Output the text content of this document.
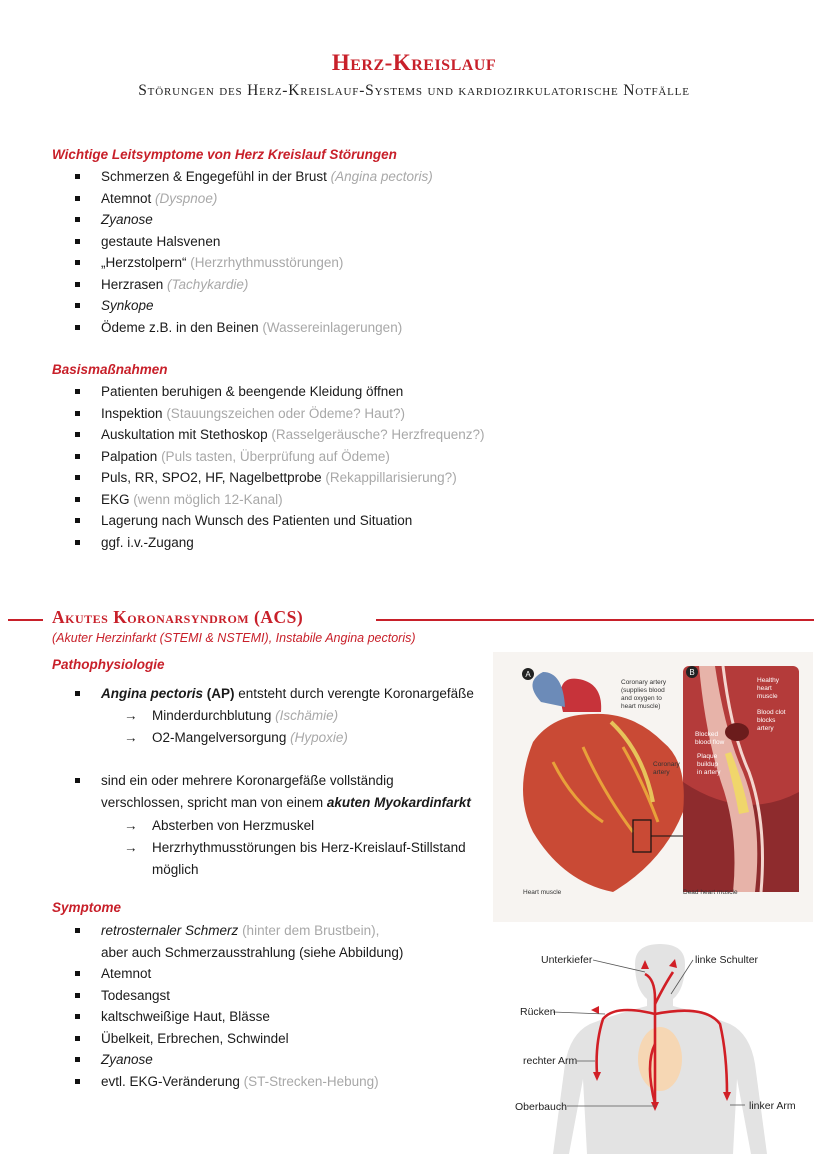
Herz-Kreislauf
Störungen des Herz-Kreislauf-Systems und kardiozirkulatorische Notfälle
Wichtige Leitsymptome von Herz Kreislauf Störungen
Schmerzen & Engegefühl in der Brust (Angina pectoris)
Atemnot (Dyspnoe)
Zyanose
gestaute Halsvenen
„Herzstolpern“ (Herzrhythmusstörungen)
Herzrasen (Tachykardie)
Synkope
Ödeme z.B. in den Beinen (Wassereinlagerungen)
Basismaßnahmen
Patienten beruhigen & beengende Kleidung öffnen
Inspektion (Stauungszeichen oder Ödeme? Haut?)
Auskultation mit Stethoskop (Rasselgeräusche? Herzfrequenz?)
Palpation (Puls tasten, Überprüfung auf Ödeme)
Puls, RR, SPO2, HF, Nagelbettprobe (Rekappillarisierung?)
EKG (wenn möglich 12-Kanal)
Lagerung nach Wunsch des Patienten und Situation
ggf. i.v.-Zugang
Akutes Koronarsyndrom (ACS)
(Akuter Herzinfarkt (STEMI & NSTEMI), Instabile Angina pectoris)
Pathophysiologie
Angina pectoris (AP) entsteht durch verengte Koronargefäße
→ Minderdurchblutung (Ischämie)
→ O2-Mangelversorgung (Hypoxie)
sind ein oder mehrere Koronargefäße vollständig
verschlossen, spricht man von einem akuten Myokardinfarkt
→ Absterben von Herzmuskel
→ Herzrhythmusstörungen bis Herz-Kreislauf-Stillstand
möglich
Symptome
retrosternaler Schmerz (hinter dem Brustbein),
aber auch Schmerzausstrahlung (siehe Abbildung)
Atemnot
Todesangst
kaltschweißige Haut, Blässe
Übelkeit, Erbrechen, Schwindel
Zyanose
evtl. EKG-Veränderung (ST-Strecken-Hebung)
B
Healthy heart muscle Blood clot blocks artery Blocked blood flow Plaque buildup in artery
A
Coronary artery (supplies blood and oxygen to heart muscle) Coronary artery
Heart muscle	Dead heart muscle
Unterkiefer	linke Schulter
Rücken
rechter Arm
Oberbauch	linker Arm
